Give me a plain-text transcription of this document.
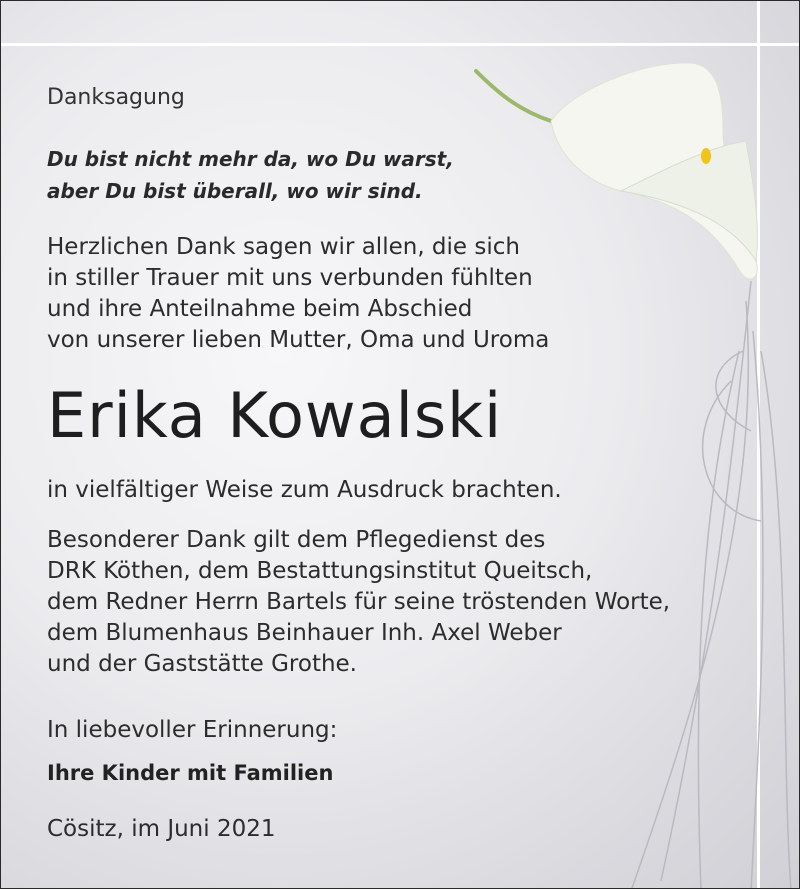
Danksagung
Du bist nicht mehr da, wo Du warst,
aber Du bist überall, wo wir sind.
Herzlichen Dank sagen wir allen, die sich
in stiller Trauer mit uns verbunden fühlten
und ihre Anteilnahme beim Abschied
von unserer lieben Mutter, Oma und Uroma
Erika Kowalski
in vielfältiger Weise zum Ausdruck brachten.
Besonderer Dank gilt dem Pflegedienst des
DRK Köthen, dem Bestattungsinstitut Queitsch,
dem Redner Herrn Bartels für seine tröstenden Worte,
dem Blumenhaus Beinhauer Inh. Axel Weber
und der Gaststätte Grothe.
In liebevoller Erinnerung:
Ihre Kinder mit Familien
Cösitz, im Juni 2021
